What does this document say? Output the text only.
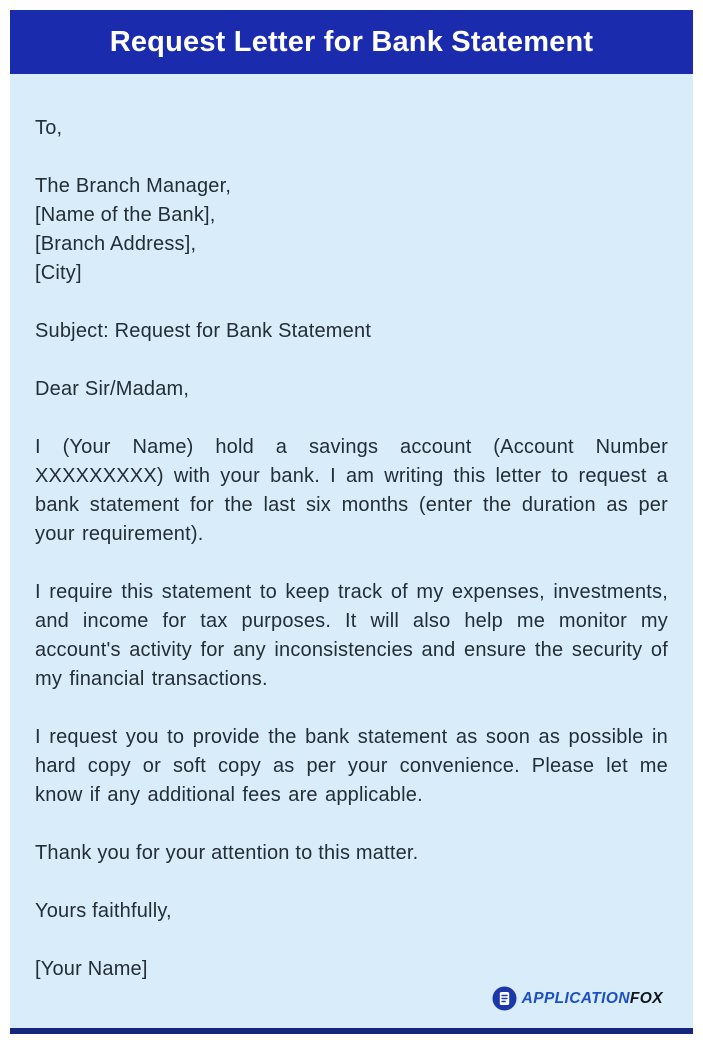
Request Letter for Bank Statement

To,

The Branch Manager,
[Name of the Bank],
[Branch Address],
[City]

Subject: Request for Bank Statement

Dear Sir/Madam,

I (Your Name) hold a savings account (Account Number XXXXXXXXX) with your bank. I am writing this letter to request a bank statement for the last six months (enter the duration as per your requirement).

I require this statement to keep track of my expenses, investments, and income for tax purposes. It will also help me monitor my account's activity for any inconsistencies and ensure the security of my financial transactions.

I request you to provide the bank statement as soon as possible in hard copy or soft copy as per your convenience. Please let me know if any additional fees are applicable.

Thank you for your attention to this matter.

Yours faithfully,

[Your Name]

APPLICATIONFOX
